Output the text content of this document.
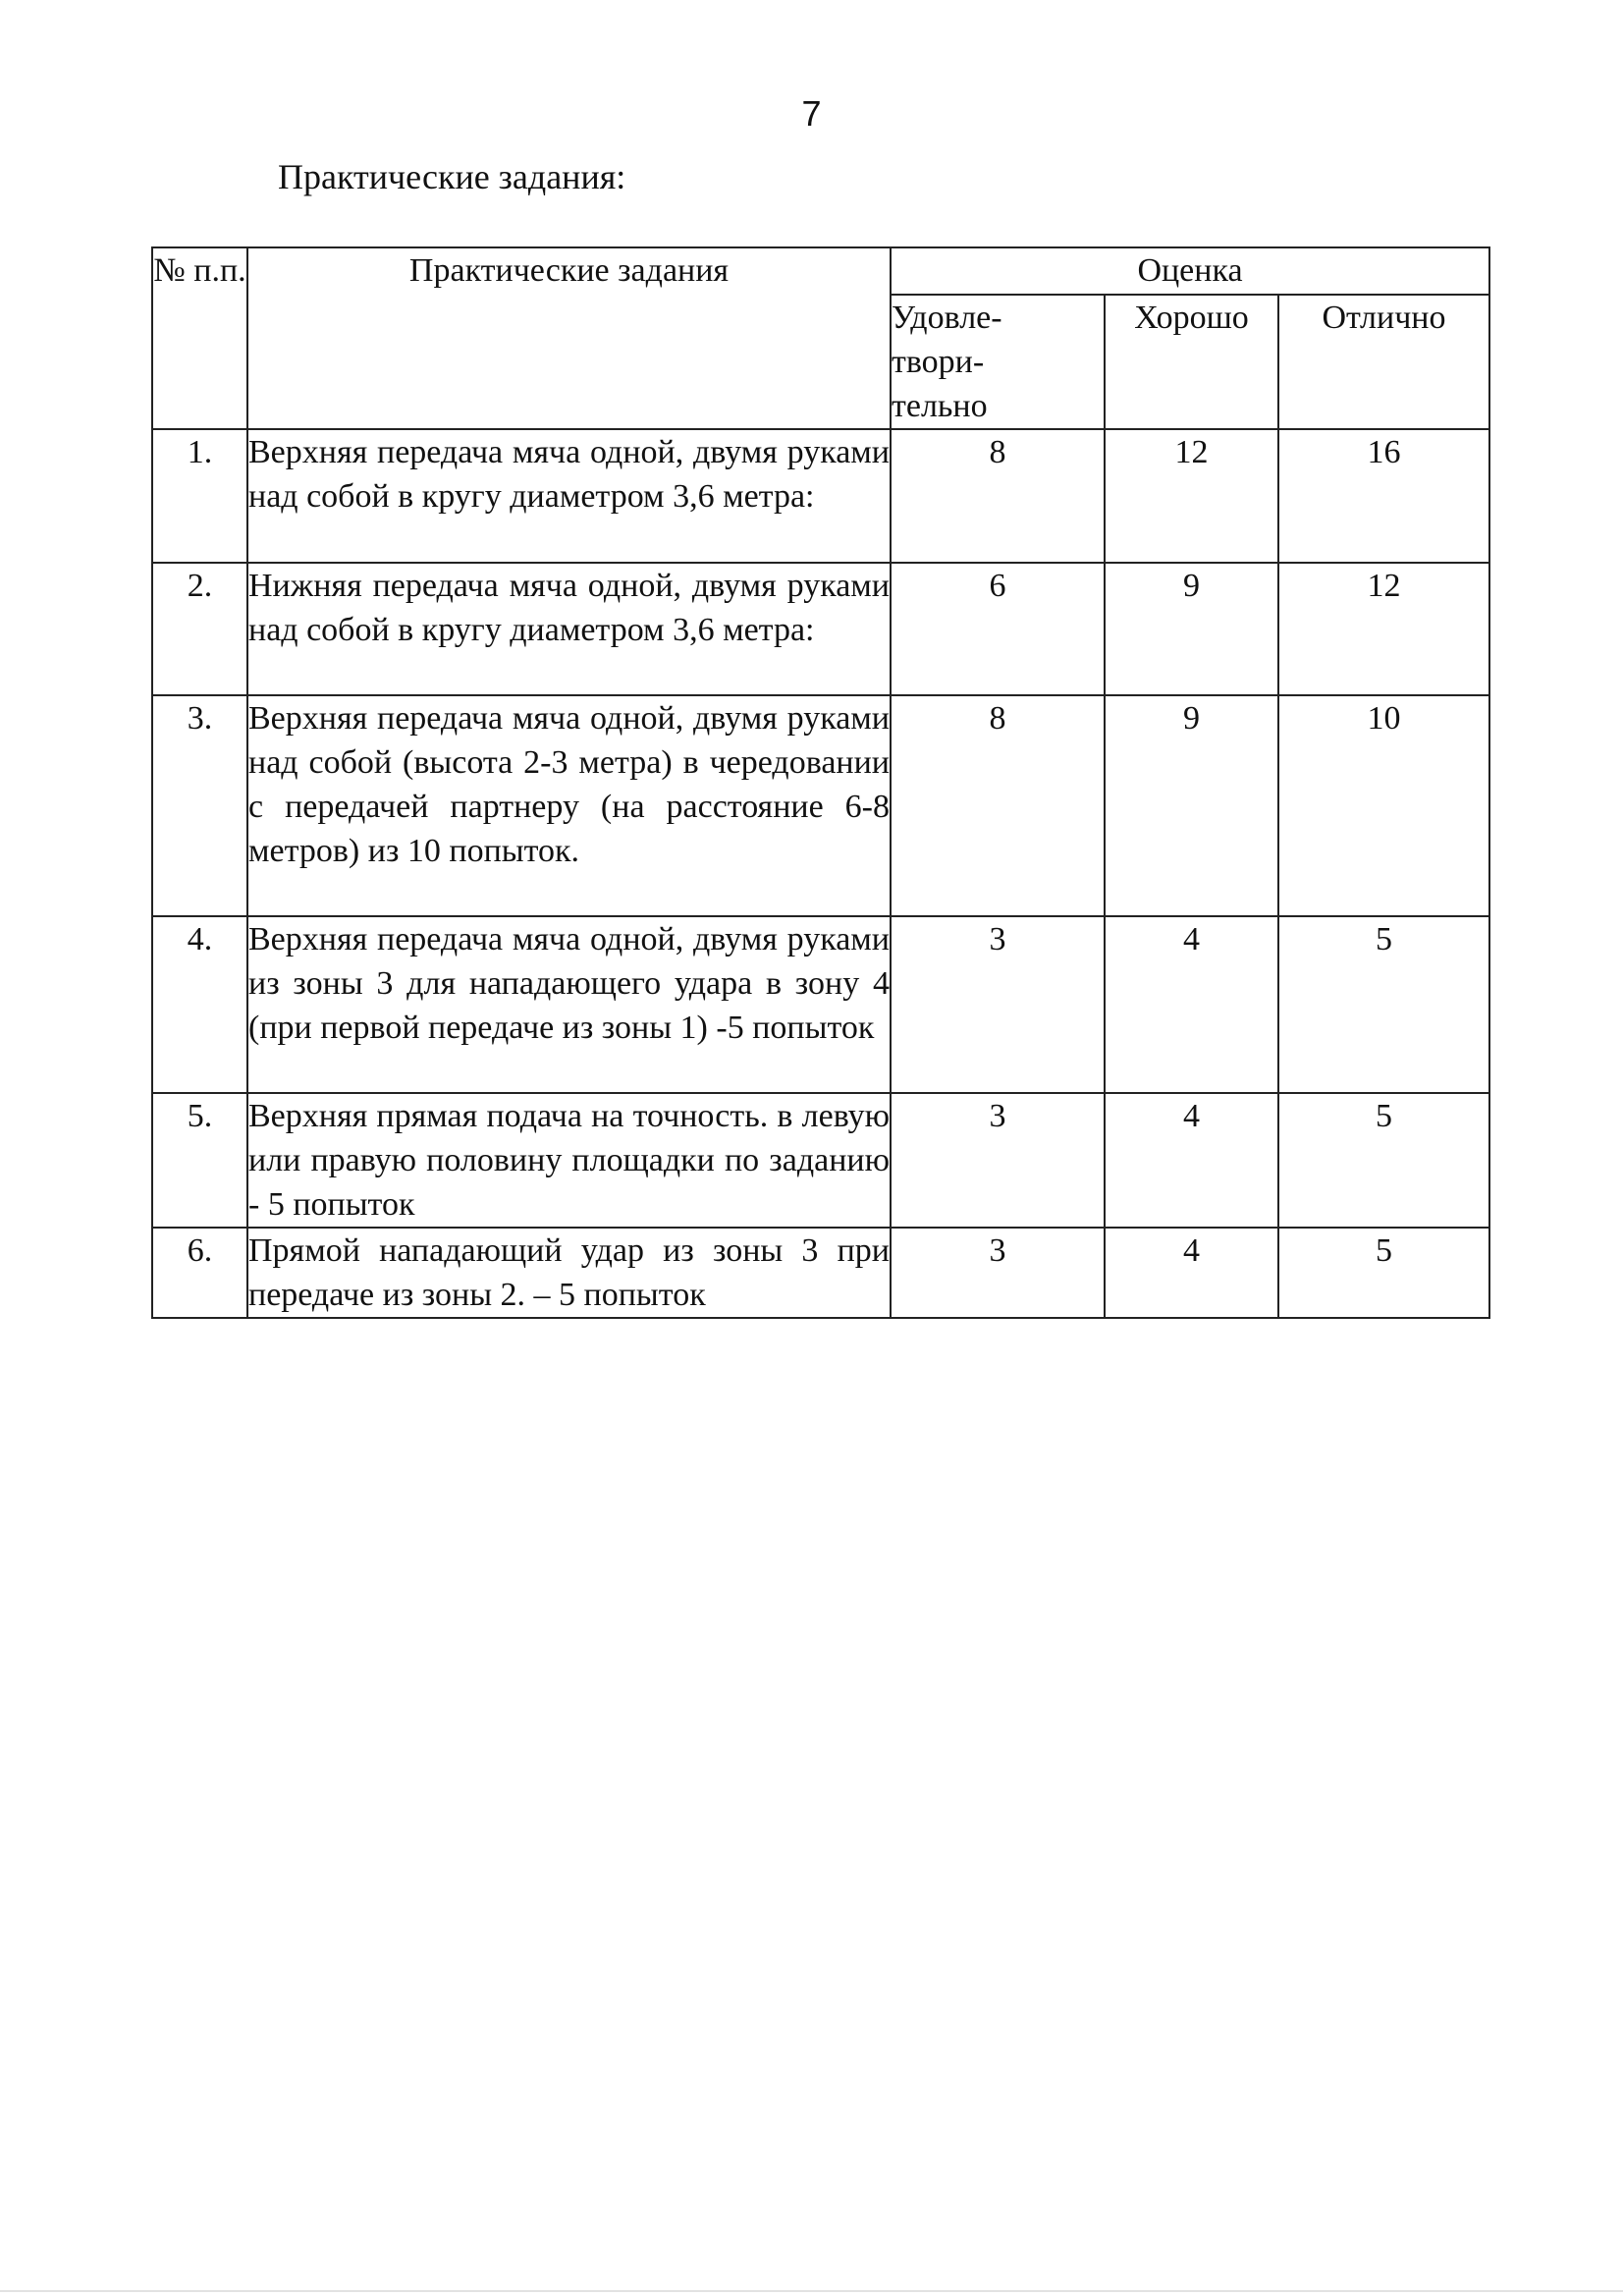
7
Практические задания:
№ п.п.	Практические задания	Оценка		

		Удовле-твори-тельно	Хорошо	Отлично
1.	Верхняя передача мяча одной, двумя руками над собой в кругу диаметром 3,6 метра:	8	12	16
2.	Нижняя передача мяча одной, двумя руками над собой в кругу диаметром 3,6 метра:	6	9	12
3.	Верхняя передача мяча одной, двумя руками над собой (высота 2-3 метра) в чередовании с передачей партнеру (на расстояние 6-8 метров) из 10 попыток.	8	9	10
4.	Верхняя передача мяча одной, двумя руками из зоны 3 для нападающего удара в зону 4 (при первой передаче из зоны 1) -5 попыток	3	4	5
5.	Верхняя прямая подача на точность. в левую или правую половину площадки по заданию - 5 попыток	3	4	5
6.	Прямой нападающий удар из зоны 3 при передаче из зоны 2. – 5 попыток	3	4	5
